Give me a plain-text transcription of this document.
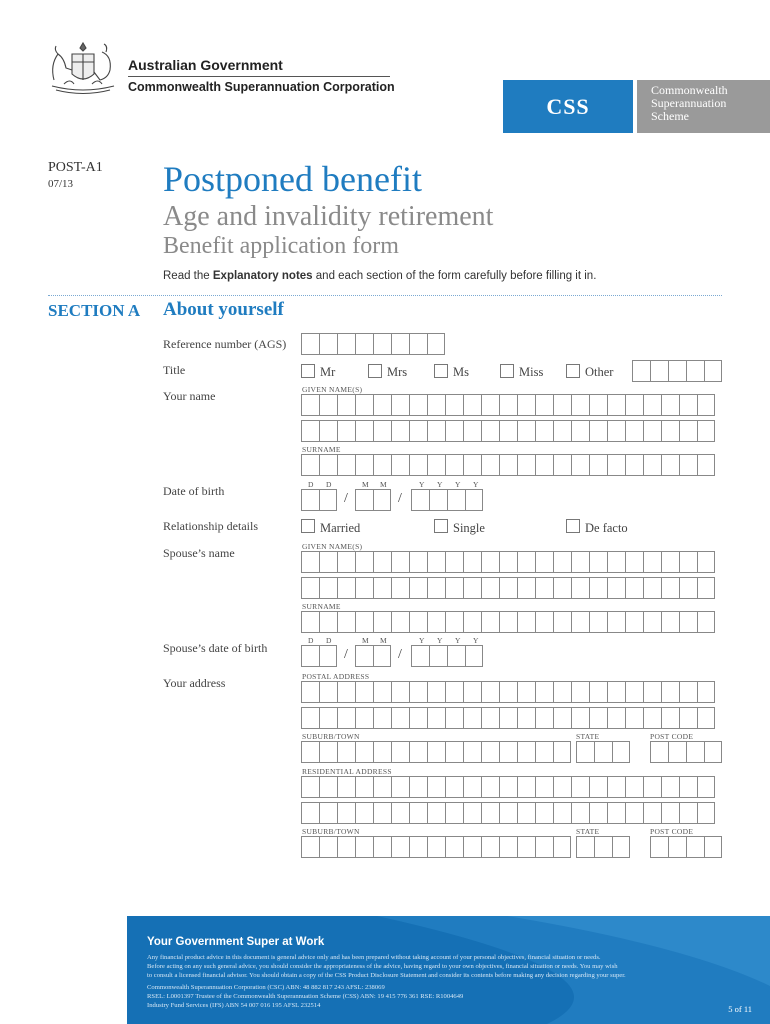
Australian Government
Commonwealth Superannuation Corporation
CSS
Commonwealth
Superannuation
Scheme
POST-A1
07/13 Postponed benefit
Age and invalidity retirement
Benefit application form
Read the Explanatory notes and each section of the form carefully before filling it in.
SECTION A About yourself
Reference number (AGS)
Title	Mr	Mrs	Ms	Miss	Other
GIVEN NAME(S)
Your name
SURNAME
D D	M M	Y Y Y Y
Date of birth	/	/
Relationship details	Married	Single	De facto
GIVEN NAME(S)
Spouse’s name
SURNAME
D D	M M	Y Y Y Y
Spouse’s date of birth	/	/
POSTAL ADDRESS
Your address
SUBURB/TOWN	STATE	POST CODE
RESIDENTIAL ADDRESS
SUBURB/TOWN	STATE	POST CODE
Your Government Super at Work
Any financial product advice in this document is general advice only and has been prepared without taking account of your personal objectives, financial situation or needs.
Before acting on any such general advice, you should consider the appropriateness of the advice, having regard to your own objectives, financial situation or needs. You may wish
to consult a licensed financial advisor. You should obtain a copy of the CSS Product Disclosure Statement and consider its contents before making any decision regarding your super.
Commonwealth Superannuation Corporation (CSC) ABN: 48 882 817 243 AFSL: 238069
RSEL: L0001397 Trustee of the Commonwealth Superannuation Scheme (CSS) ABN: 19 415 776 361 RSE: R1004649
Industry Fund Services (IFS) ABN 54 007 016 195 AFSL 232514	5 of 11
